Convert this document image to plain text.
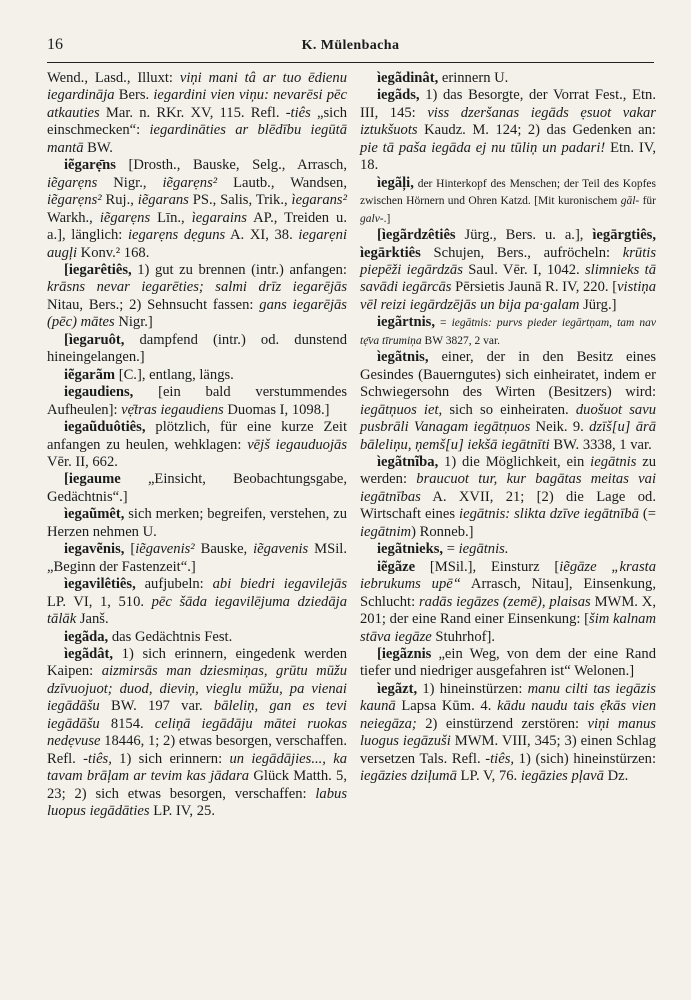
16	K. Mülenbacha

Wend., Lasd., Illuxt: viņi mani tâ ar tuo ēdienu iegardināja Bers. iegardini vien viņu: nevarēsi pēc atkauties Mar. n. RKr. XV, 115. Refl. -tiês „sich einschmecken“: iegardināties ar blēdību iegūtā mantā BW.

iẽgarẹ̄ns [Drosth., Bauske, Selg., Arrasch, iẽgarẹns Nigr., iẽgarẹns² Lautb., Wandsen, iẽgarẹns² Ruj., iẽgarans PS., Salis, Trik., ìegarans² Warkh., iẽgarẹns Līn., ìegarains AP., Treiden u. a.], länglich: iegarẹns dẹguns A. XI, 38. iegarẹni augļi Konv.² 168.

[iegarêtiês, 1) gut zu brennen (intr.) anfangen: krāsns nevar iegarēties; salmi drīz iegarējās Nitau, Bers.; 2) Sehnsucht fassen: gans iegarējās (pēc) mātes Nigr.]

[ìegaruôt, dampfend (intr.) od. dunstend hineingelangen.]

iẽgarãm [C.], entlang, längs.

iegaudiens, [ein bald verstummendes Aufheulen]: vẹ̄tras iegaudiens Duomas I, 1098.]

iegaũduôtiês, plötzlich, für eine kurze Zeit anfangen zu heulen, wehklagen: vējš iegauduojās Vēr. II, 662.

[iegaume „Einsicht, Beobachtungsgabe, Gedächtnis“.]

ìegaũmêt, sich merken; begreifen, verstehen, zu Herzen nehmen U.

iegavẽnis, [iẽgavenis² Bauske, iẽgavenis MSil. „Beginn der Fastenzeit“.]

ìegavilêtiês, aufjubeln: abi biedri iegavilejās LP. VI, 1, 510. pēc šāda iegavilējuma dziedāja tālāk Janš.

iegãda, das Gedächtnis Fest.

ìegãdât, 1) sich erinnern, eingedenk werden Kaipen: aizmirsās man dziesmiņas, grūtu mūžu dzīvuojuot; duod, dieviņ, vieglu mūžu, pa vienai iegādāšu BW. 197 var. bāleliņ, gan es tevi iegādāšu 8154. celiņā iegādāju mātei ruokas nedẹvuse 18446, 1; 2) etwas besorgen, verschaffen. Refl. -tiês, 1) sich erinnern: un iegādājies..., ka tavam brāļam ar tevim kas jādara Glück Matth. 5, 23; 2) sich etwas besorgen, verschaffen: labus luopus iegādāties LP. IV, 25.

ìegãdinât, erinnern U.

iegãds, 1) das Besorgte, der Vorrat Fest., Etn. III, 145: viss dzeršanas iegāds ẹsuot vakar iztukšuots Kaudz. M. 124; 2) das Gedenken an: pie tā paša iegāda ej nu tūliņ un padari! Etn. IV, 18.

ìegãļi, der Hinterkopf des Menschen; der Teil des Kopfes zwischen Hörnern und Ohren Katzd. [Mit kuronischem gāl- für galv-.]

[ìegãrdzêtiês Jürg., Bers. u. a.], ìegārgtiês, ìegārktiês Schujen, Bers., aufröcheln: krūtis piepēži iegārdzās Saul. Vēr. I, 1042. slimnieks tā savādi iegārcās Pērsietis Jaunā R. IV, 220. [vistiņa vēl reizi iegārdzējās un bija pa·galam Jürg.]

iegãrtnis, = iegātnis: purvs pieder iegārtņam, tam nav tẹ̄va tīrumiņa BW 3827, 2 var.

ìegãtnis, einer, der in den Besitz eines Gesindes (Bauerngutes) sich einheiratet, indem er Schwiegersohn des Wirten (Besitzers) wird: iegātņuos iet, sich so einheiraten. duošuot savu pusbrāli Vanagam iegātņuos Neik. 9. dzīš[u] ārā bāleliņu, ņemš[u] iekšā iegātnīti BW. 3338, 1 var.

ìegãtnĩba, 1) die Möglichkeit, ein iegātnis zu werden: braucuot tur, kur bagātas meitas vai iegātnības A. XVII, 21; [2) die Lage od. Wirtschaft eines iegātnis: slikta dzīve iegātnībā (= iegātnim) Ronneb.]

iegãtnieks, = iegātnis.

iẽgãze [MSil.], Einsturz [iẽgāze „krasta iebrukums upē“ Arrasch, Nitau], Einsenkung, Schlucht: radās iegāzes (zemē), plaisas MWM. X, 201; der eine Rand einer Einsenkung: [šim kalnam stāva iegāze Stuhrhof].

[iegãznis „ein Weg, von dem der eine Rand tiefer und niedriger ausgefahren ist“ Welonen.]

ìegãzt, 1) hineinstürzen: manu cilti tas iegāzis kaunā Lapsa Kūm. 4. kādu naudu tais ẹ̄kās vien neiegāza; 2) einstürzend zerstören: viņi manus luogus iegāzuši MWM. VIII, 345; 3) einen Schlag versetzen Tals. Refl. -tiês, 1) (sich) hineinstürzen: iegāzies dziļumā LP. V, 76. iegāzies pļavā Dz.
